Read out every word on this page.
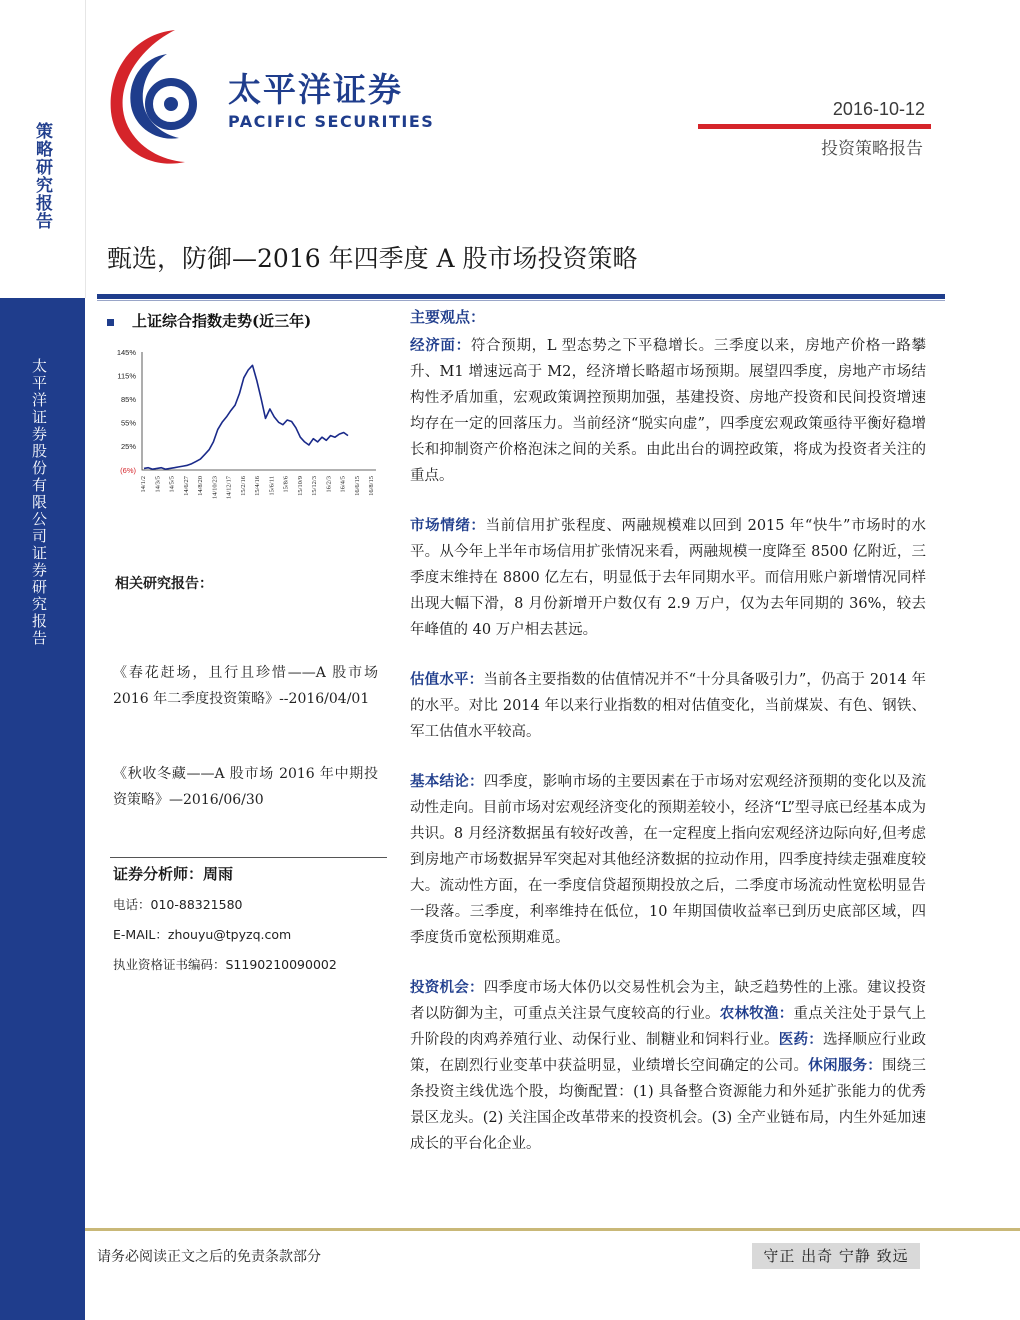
策略研究报告
太平洋证券股份有限公司证券研究报告
太平洋证券
PACIFIC SECURITIES
2016-10-12
投资策略报告
甄选，防御—2016 年四季度 A 股市场投资策略
上证综合指数走势(近三年)
145%
115%
85%
55%
25%
(6%)
14/1/2 14/3/5 14/5/5 14/6/27 14/8/20 14/10/23 14/12/17 15/2/16 15/4/16 15/6/11 15/8/6 15/10/9 15/12/3 16/2/3 16/4/5 16/6/15 16/8/15
相关研究报告：
《春花赶场，且行且珍惜——A 股市场 2016 年二季度投资策略》--2016/04/01
《秋收冬藏——A 股市场 2016 年中期投资策略》—2016/06/30
证券分析师：周雨
电话：010-88321580
E-MAIL：zhouyu@tpyzq.com
执业资格证书编码：S1190210090002
主要观点：

经济面：符合预期，L 型态势之下平稳增长。三季度以来，房地产价格一路攀升、M1 增速远高于 M2，经济增长略超市场预期。展望四季度，房地产市场结构性矛盾加重，宏观政策调控预期加强，基建投资、房地产投资和民间投资增速均存在一定的回落压力。当前经济“脱实向虚”，四季度宏观政策亟待平衡好稳增长和抑制资产价格泡沫之间的关系。由此出台的调控政策，将成为投资者关注的重点。

市场情绪：当前信用扩张程度、两融规模难以回到 2015 年“快牛”市场时的水平。从今年上半年市场信用扩张情况来看，两融规模一度降至 8500 亿附近，三季度末维持在 8800 亿左右，明显低于去年同期水平。而信用账户新增情况同样出现大幅下滑，8 月份新增开户数仅有 2.9 万户，仅为去年同期的 36%，较去年峰值的 40 万户相去甚远。

估值水平：当前各主要指数的估值情况并不“十分具备吸引力”，仍高于 2014 年的水平。对比 2014 年以来行业指数的相对估值变化，当前煤炭、有色、钢铁、军工估值水平较高。

基本结论：四季度，影响市场的主要因素在于市场对宏观经济预期的变化以及流动性走向。目前市场对宏观经济变化的预期差较小，经济“L”型寻底已经基本成为共识。8 月经济数据虽有较好改善，在一定程度上指向宏观经济边际向好,但考虑到房地产市场数据异军突起对其他经济数据的拉动作用，四季度持续走强难度较大。流动性方面，在一季度信贷超预期投放之后，二季度市场流动性宽松明显告一段落。三季度，利率维持在低位，10 年期国债收益率已到历史底部区域，四季度货币宽松预期难觅。

投资机会：四季度市场大体仍以交易性机会为主，缺乏趋势性的上涨。建议投资者以防御为主，可重点关注景气度较高的行业。农林牧渔：重点关注处于景气上升阶段的肉鸡养殖行业、动保行业、制糖业和饲料行业。医药：选择顺应行业政策，在剧烈行业变革中获益明显，业绩增长空间确定的公司。休闲服务：围绕三条投资主线优选个股，均衡配置：(1) 具备整合资源能力和外延扩张能力的优秀景区龙头。(2) 关注国企改革带来的投资机会。(3) 全产业链布局，内生外延加速成长的平台化企业。

请务必阅读正文之后的免责条款部分	守正 出奇 宁静 致远
